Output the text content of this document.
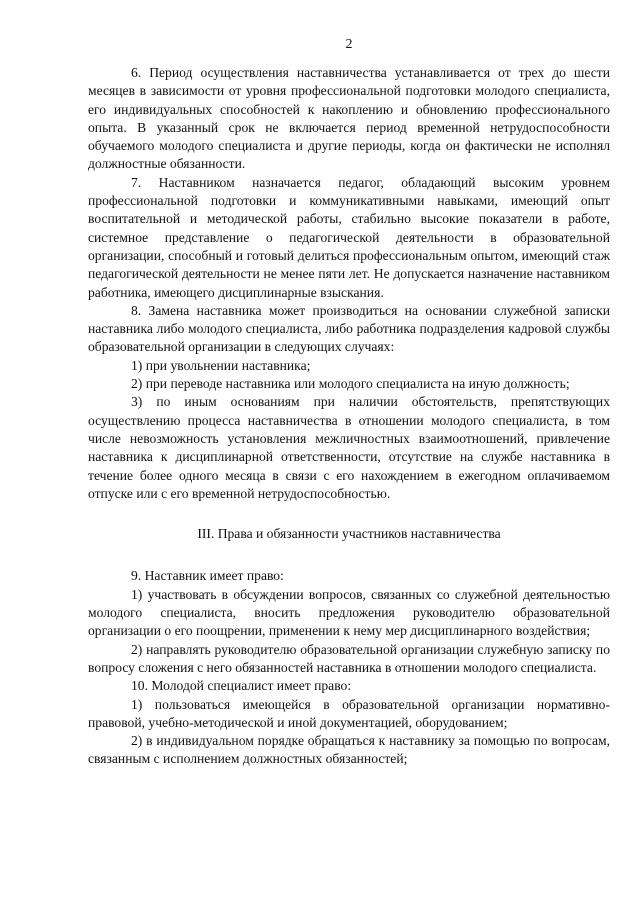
2

6. Период осуществления наставничества устанавливается от трех до шести месяцев в зависимости от уровня профессиональной подготовки молодого специалиста, его индивидуальных способностей к накоплению и обновлению профессионального опыта. В указанный срок не включается период временной нетрудоспособности обучаемого молодого специалиста и другие периоды, когда он фактически не исполнял должностные обязанности.

7. Наставником назначается педагог, обладающий высоким уровнем профессиональной подготовки и коммуникативными навыками, имеющий опыт воспитательной и методической работы, стабильно высокие показатели в работе, системное представление о педагогической деятельности в образовательной организации, способный и готовый делиться профессиональным опытом, имеющий стаж педагогической деятельности не менее пяти лет. Не допускается назначение наставником работника, имеющего дисциплинарные взыскания.

8. Замена наставника может производиться на основании служебной записки наставника либо молодого специалиста, либо работника подразделения кадровой службы образовательной организации в следующих случаях:

1) при увольнении наставника;

2) при переводе наставника или молодого специалиста на иную должность;

3) по иным основаниям при наличии обстоятельств, препятствующих осуществлению процесса наставничества в отношении молодого специалиста, в том числе невозможность установления межличностных взаимоотношений, привлечение наставника к дисциплинарной ответственности, отсутствие на службе наставника в течение более одного месяца в связи с его нахождением в ежегодном оплачиваемом отпуске или с его временной нетрудоспособностью.

III. Права и обязанности участников наставничества

9. Наставник имеет право:

1) участвовать в обсуждении вопросов, связанных со служебной деятельностью молодого специалиста, вносить предложения руководителю образовательной организации о его поощрении, применении к нему мер дисциплинарного воздействия;

2) направлять руководителю образовательной организации служебную записку по вопросу сложения с него обязанностей наставника в отношении молодого специалиста.

10. Молодой специалист имеет право:

1) пользоваться имеющейся в образовательной организации нормативно-правовой, учебно-методической и иной документацией, оборудованием;

2) в индивидуальном порядке обращаться к наставнику за помощью по вопросам, связанным с исполнением должностных обязанностей;
